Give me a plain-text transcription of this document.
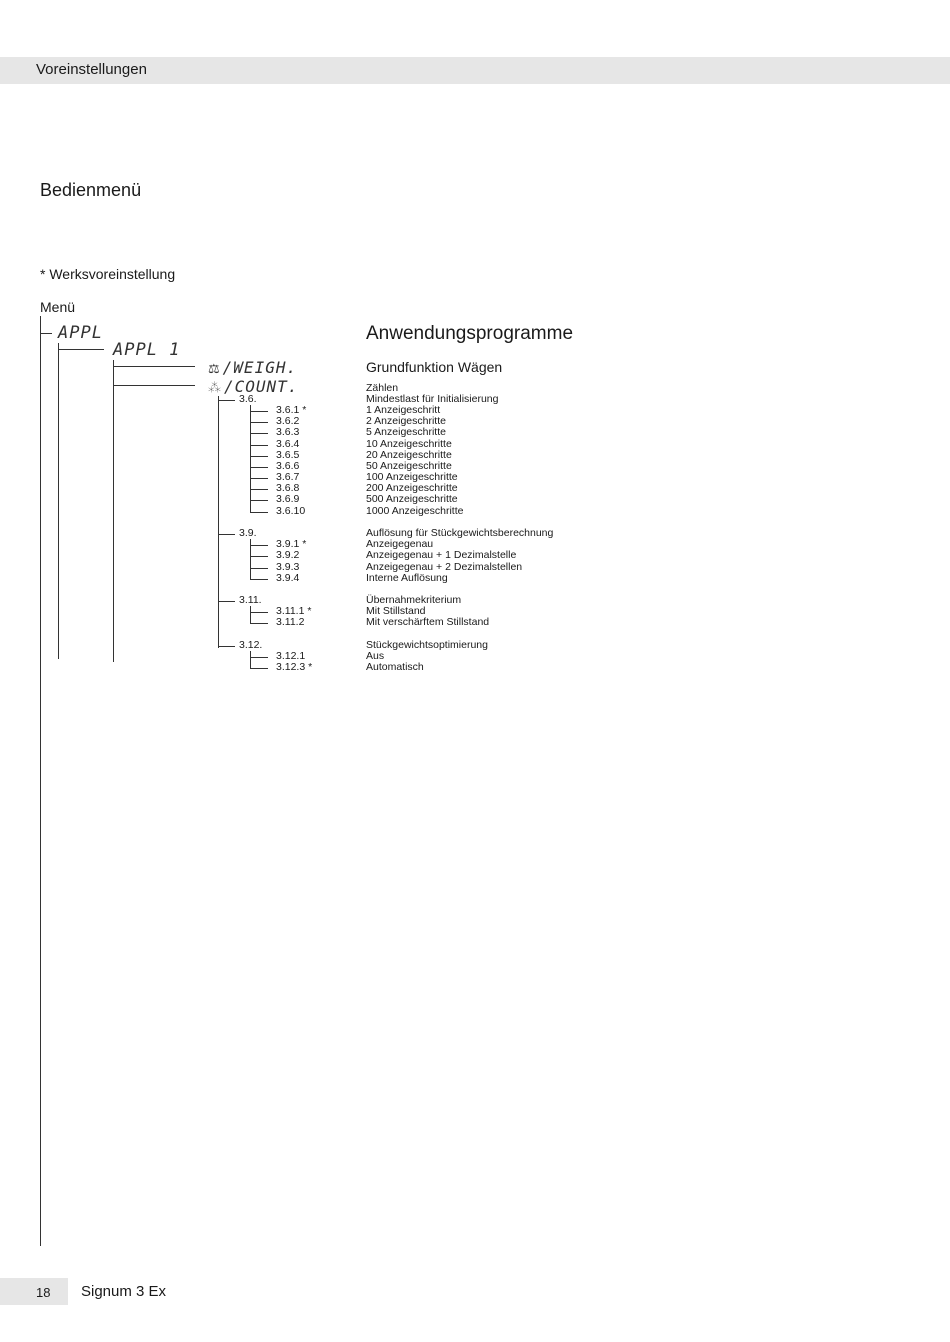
Voreinstellungen
Bedienmenü
* Werksvoreinstellung
Menü
APPL
APPL 1
⚖ /WEIGH.
⁂ /COUNT.
Anwendungsprogramme
Grundfunktion Wägen
Zählen
3.6.	Mindestlast für Initialisierung
3.6.1 *	1 Anzeigeschritt
3.6.2	2 Anzeigeschritte
3.6.3	5 Anzeigeschritte
3.6.4	10 Anzeigeschritte
3.6.5	20 Anzeigeschritte
3.6.6	50 Anzeigeschritte
3.6.7	100 Anzeigeschritte
3.6.8	200 Anzeigeschritte
3.6.9	500 Anzeigeschritte
3.6.10	1000 Anzeigeschritte
3.9.	Auflösung für Stückgewichtsberechnung
3.9.1 *	Anzeigegenau
3.9.2	Anzeigegenau + 1 Dezimalstelle
3.9.3	Anzeigegenau + 2 Dezimalstellen
3.9.4	Interne Auflösung
3.11.	Übernahmekriterium
3.11.1 *	Mit Stillstand
3.11.2	Mit verschärftem Stillstand
3.12.	Stückgewichtsoptimierung
3.12.1	Aus
3.12.3 *	Automatisch
18 Signum 3 Ex
